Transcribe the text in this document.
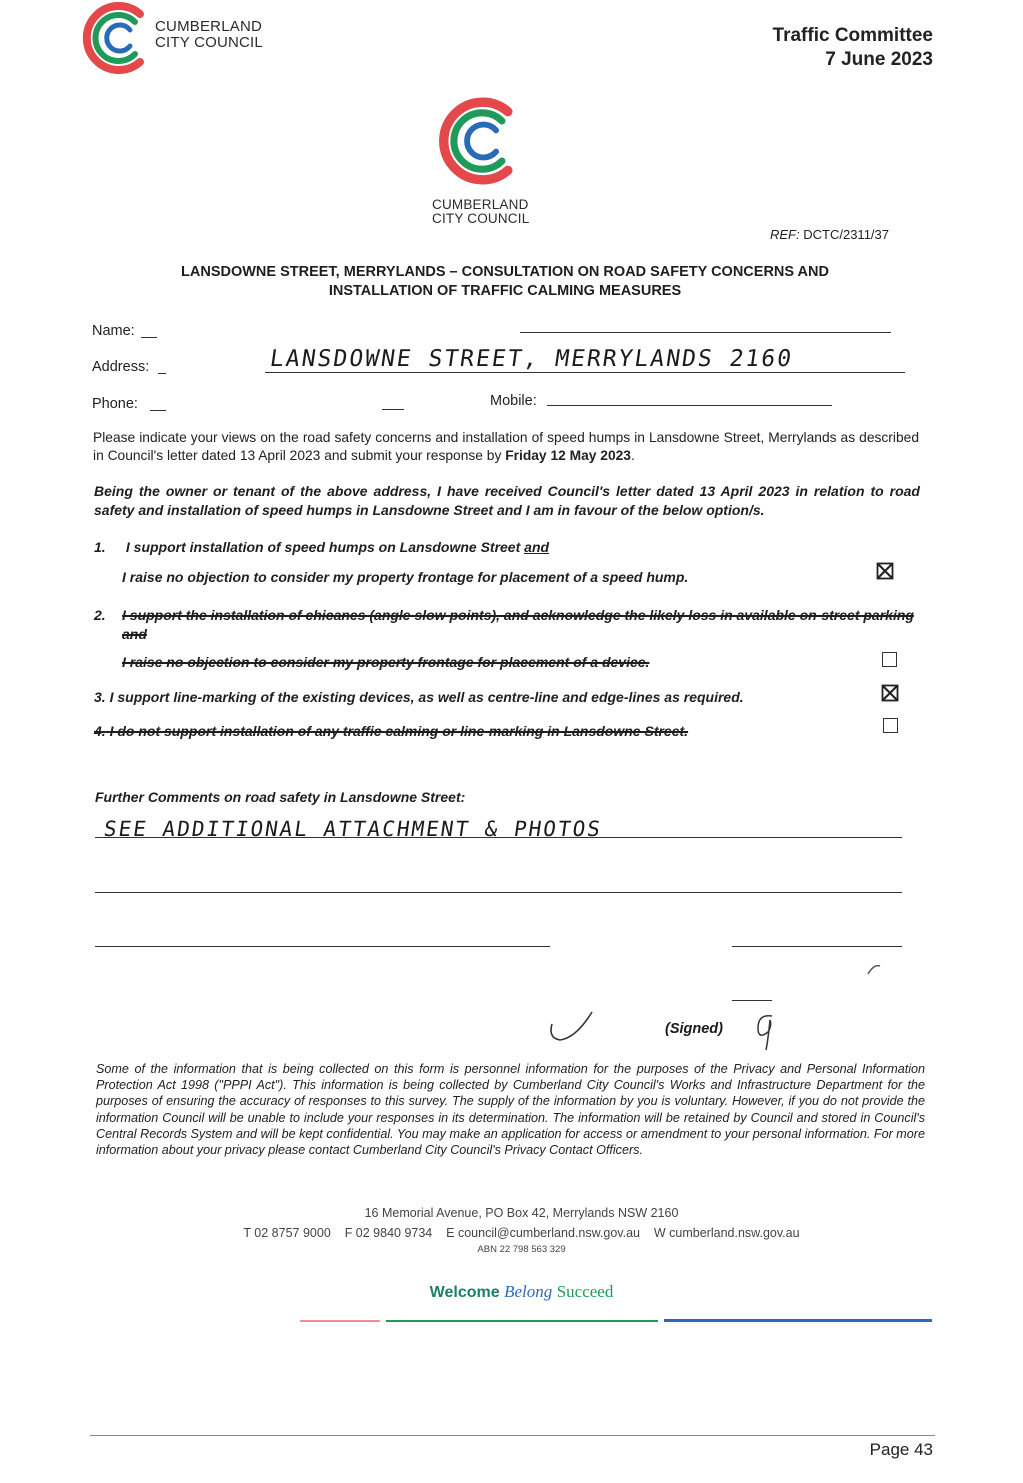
CUMBERLAND
CITY COUNCIL	Traffic Committee
7 June 2023
CUMBERLAND
CITY COUNCIL
REF: DCTC/2311/37
LANSDOWNE STREET, MERRYLANDS – CONSULTATION ON ROAD SAFETY CONCERNS AND
INSTALLATION OF TRAFFIC CALMING MEASURES
Name:
Address:	LANSDOWNE STREET, MERRYLANDS 2160
Phone:	Mobile:
Please indicate your views on the road safety concerns and installation of speed humps in Lansdowne Street, Merrylands as described in Council's letter dated 13 April 2023 and submit your response by Friday 12 May 2023.
Being the owner or tenant of the above address, I have received Council's letter dated 13 April 2023 in relation to road safety and installation of speed humps in Lansdowne Street and I am in favour of the below option/s.
1. I support installation of speed humps on Lansdowne Street and
I raise no objection to consider my property frontage for placement of a speed hump.
2. I support the installation of chicanes (angle slow points), and acknowledge the likely loss in available on-street parking and
I raise no objection to consider my property frontage for placement of a device.
3. I support line-marking of the existing devices, as well as centre-line and edge-lines as required.
4. I do not support installation of any traffic calming or line-marking in Lansdowne Street.
Further Comments on road safety in Lansdowne Street:
SEE ADDITIONAL ATTACHMENT & PHOTOS
(Signed)
Some of the information that is being collected on this form is personnel information for the purposes of the Privacy and Personal Information Protection Act 1998 ("PPPI Act"). This information is being collected by Cumberland City Council's Works and Infrastructure Department for the purposes of ensuring the accuracy of responses to this survey. The supply of the information by you is voluntary. However, if you do not provide the information Council will be unable to include your responses in its determination. The information will be retained by Council and stored in Council's Central Records System and will be kept confidential. You may make an application for access or amendment to your personal information. For more information about your privacy please contact Cumberland City Council's Privacy Contact Officers.
16 Memorial Avenue, PO Box 42, Merrylands NSW 2160
T 02 8757 9000 F 02 9840 9734 E council@cumberland.nsw.gov.au W cumberland.nsw.gov.au
ABN 22 798 563 329
Welcome Belong Succeed
Page 43
